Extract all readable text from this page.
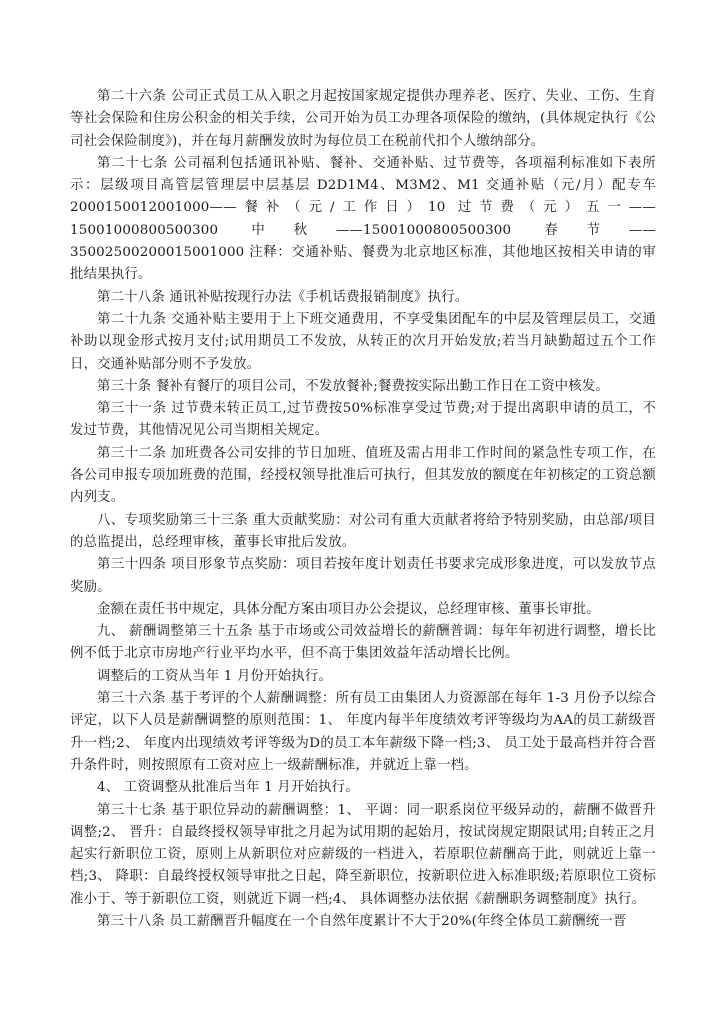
第二十六条 公司正式员工从入职之月起按国家规定提供办理养老、医疗、失业、工伤、生育等社会保险和住房公积金的相关手续，公司开始为员工办理各项保险的缴纳，(具体规定执行《公司社会保险制度》)，并在每月薪酬发放时为每位员工在税前代扣个人缴纳部分。

第二十七条 公司福利包括通讯补贴、餐补、交通补贴、过节费等，各项福利标准如下表所示：层级项目高管层管理层中层基层 D2D1M4、M3M2、M1 交通补贴（元/月）配专车2000150012001000——餐补（元/工作日）10 过节费（元）五一——15001000800500300 中秋——15001000800500300 春节——35002500200015001000 注释：交通补贴、餐费为北京地区标准，其他地区按相关申请的审批结果执行。

第二十八条 通讯补贴按现行办法《手机话费报销制度》执行。

第二十九条 交通补贴主要用于上下班交通费用，不享受集团配车的中层及管理层员工，交通补助以现金形式按月支付;试用期员工不发放，从转正的次月开始发放;若当月缺勤超过五个工作日，交通补贴部分则不予发放。

第三十条 餐补有餐厅的项目公司，不发放餐补;餐费按实际出勤工作日在工资中核发。

第三十一条 过节费未转正员工,过节费按50%标准享受过节费;对于提出离职申请的员工，不发过节费，其他情况见公司当期相关规定。

第三十二条 加班费各公司安排的节日加班、值班及需占用非工作时间的紧急性专项工作，在各公司申报专项加班费的范围，经授权领导批准后可执行，但其发放的额度在年初核定的工资总额内列支。

八、专项奖励第三十三条 重大贡献奖励：对公司有重大贡献者将给予特别奖励，由总部/项目的总监提出，总经理审核，董事长审批后发放。

第三十四条 项目形象节点奖励：项目若按年度计划责任书要求完成形象进度，可以发放节点奖励。

金额在责任书中规定，具体分配方案由项目办公会提议，总经理审核、董事长审批。

九、 薪酬调整第三十五条 基于市场或公司效益增长的薪酬普调：每年年初进行调整，增长比例不低于北京市房地产行业平均水平，但不高于集团效益年活动增长比例。

调整后的工资从当年 1 月份开始执行。

第三十六条 基于考评的个人薪酬调整：所有员工由集团人力资源部在每年 1-3 月份予以综合评定，以下人员是薪酬调整的原则范围：1、 年度内每半年度绩效考评等级均为AA的员工薪级晋升一档;2、 年度内出现绩效考评等级为D的员工本年薪级下降一档;3、 员工处于最高档并符合晋升条件时，则按照原有工资对应上一级薪酬标准，并就近上靠一档。

4、 工资调整从批准后当年 1 月开始执行。

第三十七条 基于职位异动的薪酬调整：1、 平调：同一职系岗位平级异动的，薪酬不做晋升调整;2、 晋升：自最终授权领导审批之月起为试用期的起始月，按试岗规定期限试用;自转正之月起实行新职位工资，原则上从新职位对应薪级的一档进入，若原职位薪酬高于此，则就近上靠一档;3、 降职：自最终授权领导审批之日起，降至新职位，按新职位进入标准职级;若原职位工资标准小于、等于新职位工资，则就近下调一档;4、 具体调整办法依据《薪酬职务调整制度》执行。

第三十八条 员工薪酬晋升幅度在一个自然年度累计不大于20%(年终全体员工薪酬统一晋
